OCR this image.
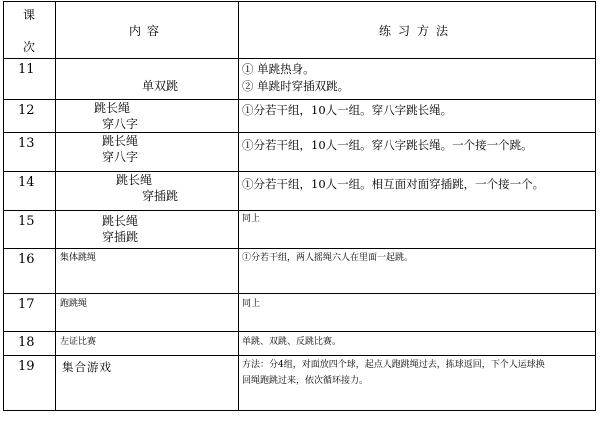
课
次	内容	练习方法
11	单双跳	① 单跳热身。
② 单跳时穿插双跳。

12	跳长绳
穿八字	①分若干组，10人一组。穿八字跳长绳。

13	跳长绳
穿八字	①分若干组，10人一组。穿八字跳长绳。一个接一个跳。

14	跳长绳
穿插跳	①分若干组，10人一组。相互面对面穿插跳，一个接一个。

15	跳长绳
穿插跳	同上

16	集体跳绳	①分若干组，两人摇绳六人在里面一起跳。

17	跑跳绳	同上

18	左证比赛	单跳、双跳、反跳比赛。

19	集合游戏	方法：分4组，对面放四个球，起点人跑跳绳过去，拣球返回，下个人运球换
回绳跑跳过来，依次循环接力。
